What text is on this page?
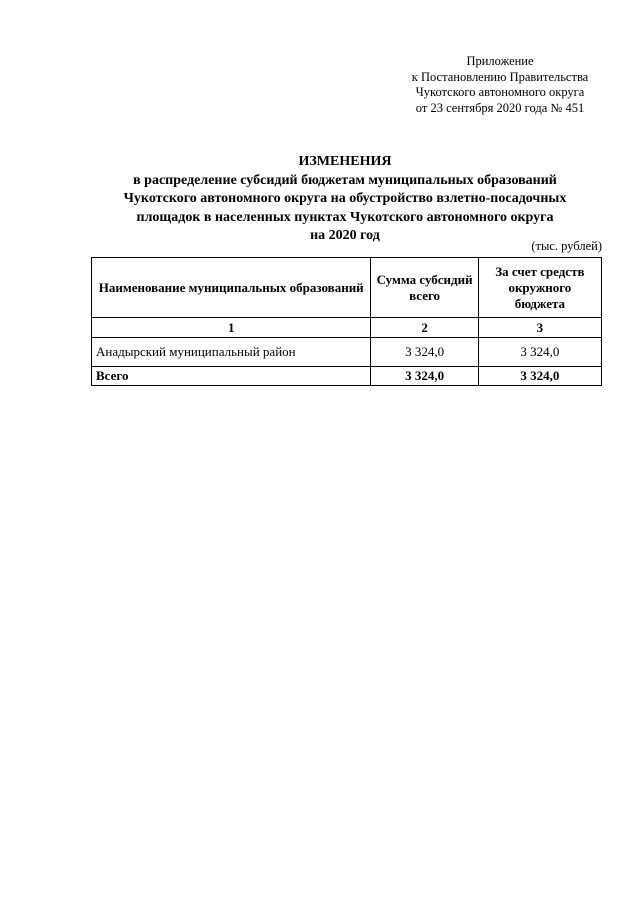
Приложение
к Постановлению Правительства
Чукотского автономного округа
от 23 сентября 2020 года № 451
ИЗМЕНЕНИЯ
в распределение субсидий бюджетам муниципальных образований
Чукотского автономного округа на обустройство взлетно-посадочных
площадок в населенных пунктах Чукотского автономного округа
на 2020 год
(тыс. рублей)
Наименование муниципальных образований	Сумма субсидий всего	За счет средств окружного бюджета
1	2	3
Анадырский муниципальный район	3 324,0	3 324,0
Всего	3 324,0	3 324,0
